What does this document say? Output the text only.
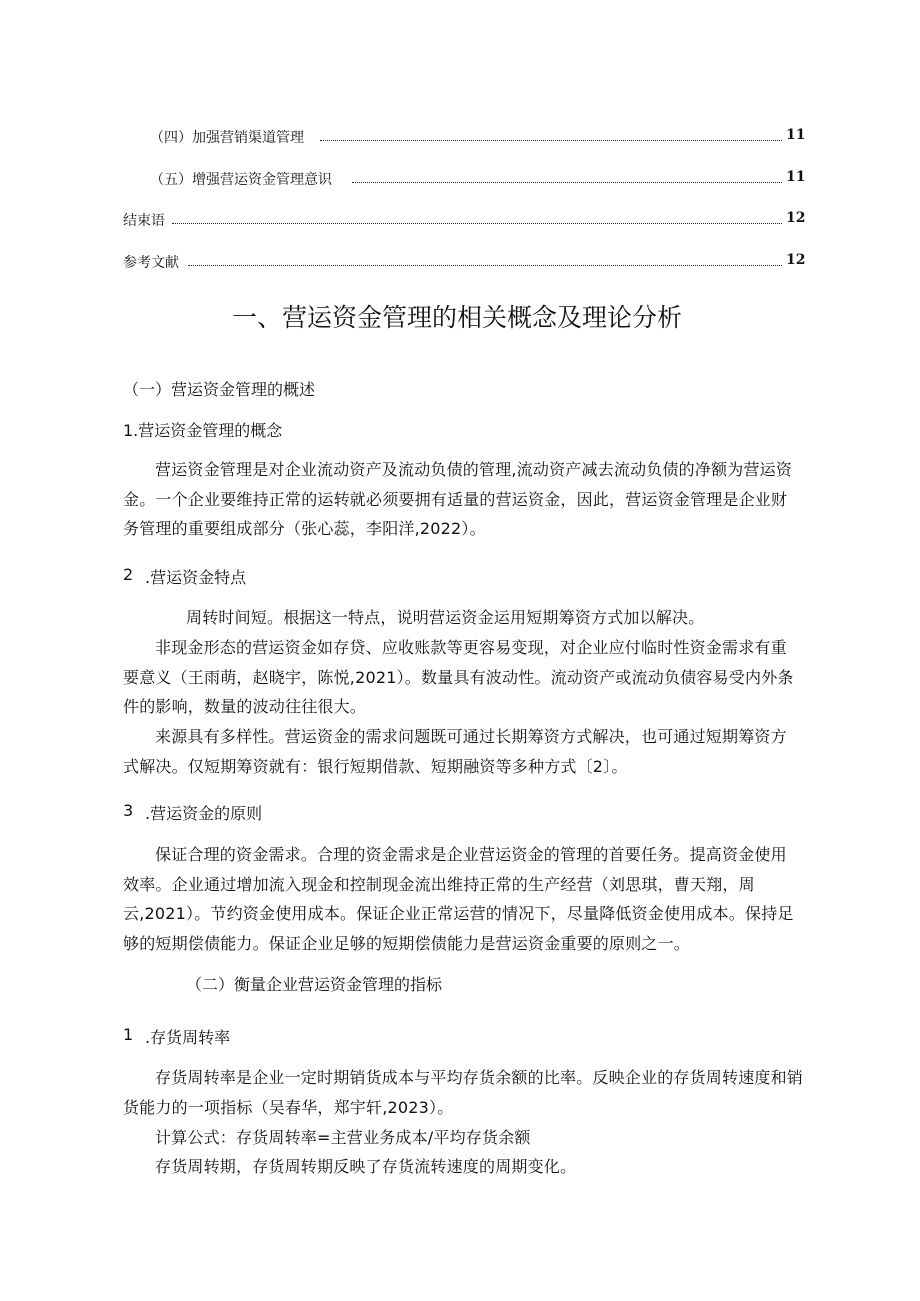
（四）加强营销渠道管理	11
（五）增强营运资金管理意识	11
结束语	12
参考文献	12
一、营运资金管理的相关概念及理论分析
（一）营运资金管理的概述
1.营运资金管理的概念
营运资金管理是对企业流动资产及流动负债的管理,流动资产减去流动负债的净额为营运资金。一个企业要维持正常的运转就必须要拥有适量的营运资金，因此，营运资金管理是企业财务管理的重要组成部分（张心蕊，李阳洋,2022）。
2 .营运资金特点
周转时间短。根据这一特点，说明营运资金运用短期筹资方式加以解决。
非现金形态的营运资金如存贷、应收账款等更容易变现，对企业应付临时性资金需求有重要意义（王雨萌，赵晓宇，陈悦,2021）。数量具有波动性。流动资产或流动负债容易受内外条件的影响，数量的波动往往很大。
来源具有多样性。营运资金的需求问题既可通过长期筹资方式解决，也可通过短期筹资方式解决。仅短期筹资就有：银行短期借款、短期融资等多种方式〔2〕。
3 .营运资金的原则
保证合理的资金需求。合理的资金需求是企业营运资金的管理的首要任务。提高资金使用效率。企业通过增加流入现金和控制现金流出维持正常的生产经营（刘思琪，曹天翔，周云,2021）。节约资金使用成本。保证企业正常运营的情况下，尽量降低资金使用成本。保持足够的短期偿债能力。保证企业足够的短期偿债能力是营运资金重要的原则之一。
（二）衡量企业营运资金管理的指标
1 .存货周转率
存货周转率是企业一定时期销货成本与平均存货余额的比率。反映企业的存货周转速度和销货能力的一项指标（吴春华，郑宇轩,2023）。
计算公式：存货周转率=主营业务成本/平均存货余额
存货周转期，存货周转期反映了存货流转速度的周期变化。
